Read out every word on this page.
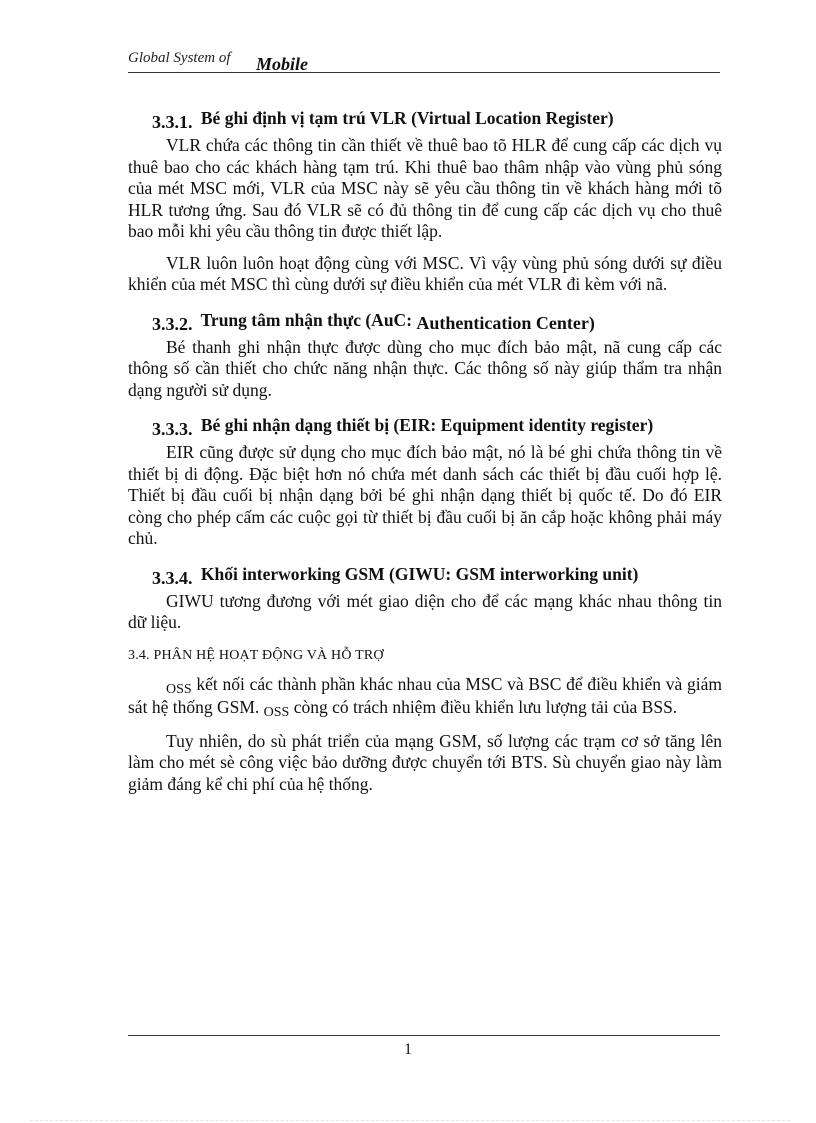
Global System of Mobile
3.3.1. Bé ghi định vị tạm trú VLR (Virtual Location Register)

VLR chứa các thông tin cần thiết về thuê bao tõ HLR để cung cấp các dịch vụ thuê bao cho các khách hàng tạm trú. Khi thuê bao thâm nhập vào vùng phủ sóng của mét MSC mới, VLR của MSC này sẽ yêu cầu thông tin về khách hàng mới tõ HLR tương ứng. Sau đó VLR sẽ có đủ thông tin để cung cấp các dịch vụ cho thuê bao mỗi khi yêu cầu thông tin được thiết lập.

VLR luôn luôn hoạt động cùng với MSC. Vì vậy vùng phủ sóng dưới sự điều khiển của mét MSC thì cùng dưới sự điều khiển của mét VLR đi kèm với nã.

3.3.2. Trung tâm nhận thực (AuC: Authentication Center)

Bé thanh ghi nhận thực được dùng cho mục đích bảo mật, nã cung cấp các thông số cần thiết cho chức năng nhận thực. Các thông số này giúp thẩm tra nhận dạng người sử dụng.

3.3.3. Bé ghi nhận dạng thiết bị (EIR: Equipment identity register)

EIR cũng được sử dụng cho mục đích bảo mật, nó là bé ghi chứa thông tin về thiết bị di động. Đặc biệt hơn nó chứa mét danh sách các thiết bị đầu cuối hợp lệ. Thiết bị đầu cuối bị nhận dạng bởi bé ghi nhận dạng thiết bị quốc tế. Do đó EIR còng cho phép cấm các cuộc gọi từ thiết bị đầu cuối bị ăn cắp hoặc không phải máy chủ.

3.3.4. Khối interworking GSM (GIWU: GSM interworking unit)

GIWU tương đương với mét giao diện cho để các mạng khác nhau thông tin dữ liệu.

3.4. PHÂN HỆ HOẠT ĐỘNG VÀ HỖ TRỢ

OSS kết nối các thành phần khác nhau của MSC và BSC để điều khiển và giám sát hệ thống GSM. OSS còng có trách nhiệm điều khiển lưu lượng tải của BSS.

Tuy nhiên, do sù phát triển của mạng GSM, số lượng các trạm cơ sở tăng lên làm cho mét sè công việc bảo dưỡng được chuyển tới BTS. Sù chuyển giao này làm giảm đáng kể chi phí của hệ thống.

1
